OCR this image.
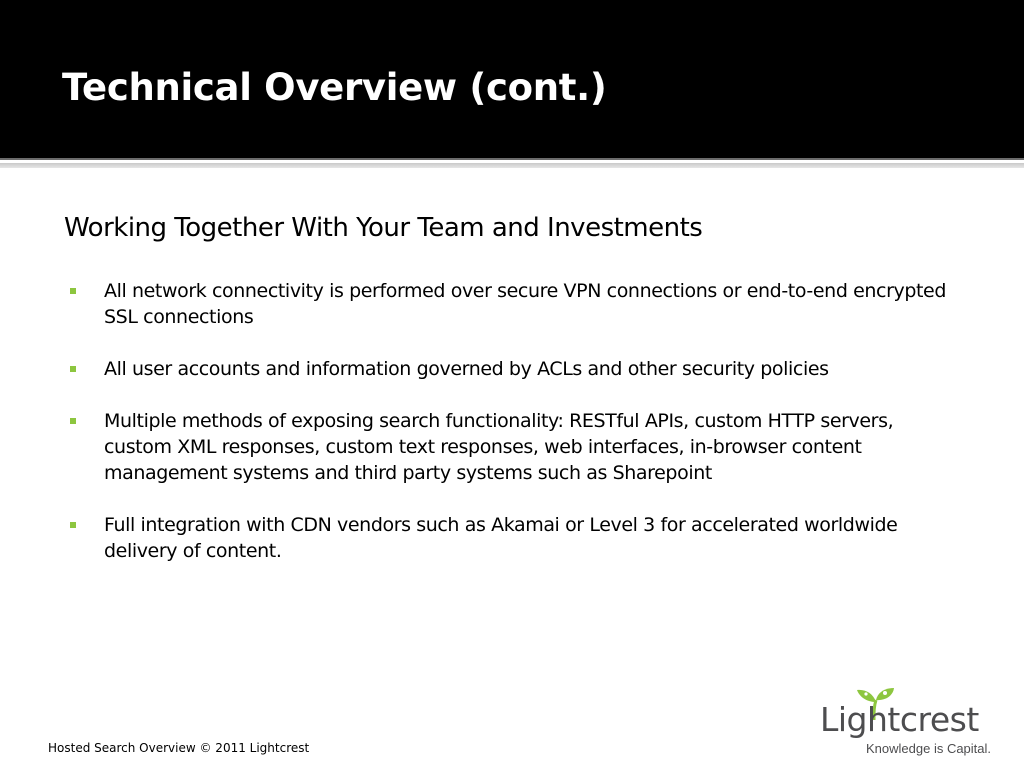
Technical Overview (cont.)
Working Together With Your Team and Investments
All network connectivity is performed over secure VPN connections or end-to-end encrypted SSL connections
All user accounts and information governed by ACLs and other security policies
Multiple methods of exposing search functionality: RESTful APIs, custom HTTP servers, custom XML responses, custom text responses, web interfaces, in-browser content management systems and third party systems such as Sharepoint
Full integration with CDN vendors such as Akamai or Level 3 for accelerated worldwide delivery of content.
Hosted Search Overview © 2011 Lightcrest
Lightcrest
Knowledge is Capital.
